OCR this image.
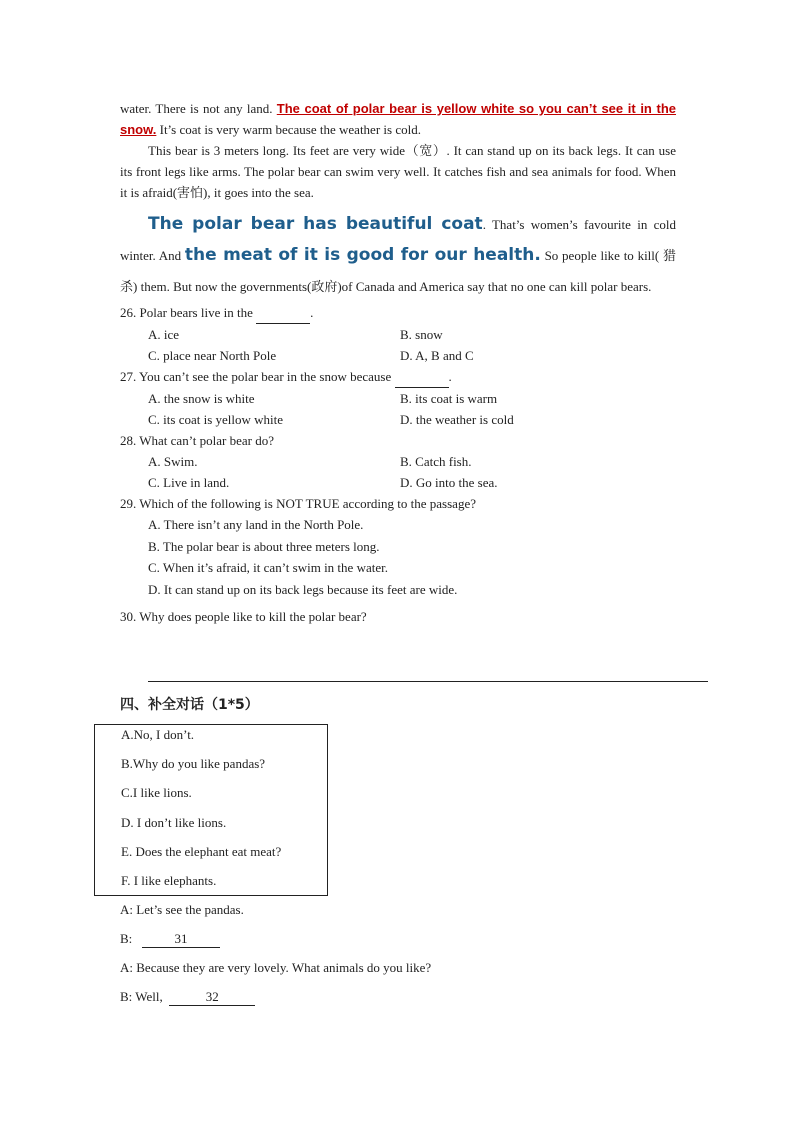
water. There is not any land. The coat of polar bear is yellow white so you can’t see it in the snow. It’s coat is very warm because the weather is cold.
This bear is 3 meters long. Its feet are very wide（宽）. It can stand up on its back legs. It can use its front legs like arms. The polar bear can swim very well. It catches fish and sea animals for food. When it is afraid(害怕), it goes into the sea.
The polar bear has beautiful coat. That’s women’s favourite in cold winter. And the meat of it is good for our health. So people like to kill( 猎杀) them. But now the governments(政府)of Canada and America say that no one can kill polar bears.
26. Polar bears live in the	.
A. ice	B. snow
C. place near North Pole	D. A, B and C
27. You can’t see the polar bear in the snow because	.
A. the snow is white	B. its coat is warm
C. its coat is yellow white	D. the weather is cold
28. What can’t polar bear do?
A. Swim.	B. Catch fish.
C. Live in land.	D. Go into the sea.
29. Which of the following is NOT TRUE according to the passage?
A. There isn’t any land in the North Pole.
B. The polar bear is about three meters long.
C. When it’s afraid, it can’t swim in the water.
D. It can stand up on its back legs because its feet are wide.
30. Why does people like to kill the polar bear?
四、补全对话（1*5）
A.No, I don’t.
B.Why do you like pandas?
C.I like lions.
D. I don’t like lions.
E. Does the elephant eat meat?
F. I like elephants.
A: Let’s see the pandas.
B:	31
A: Because they are very lovely. What animals do you like?
B: Well,	32
